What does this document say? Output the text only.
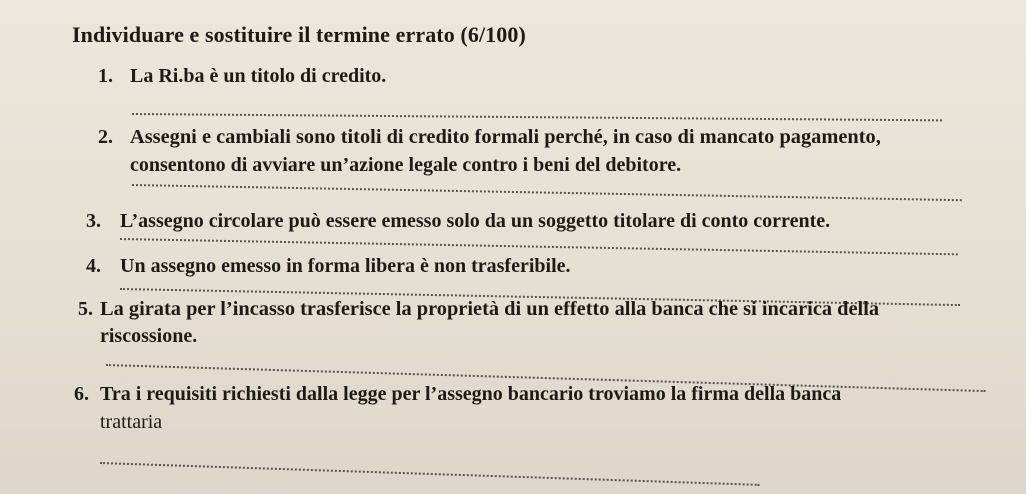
Individuare e sostituire il termine errato (6/100)
1. La Ri.ba è un titolo di credito.
2. Assegni e cambiali sono titoli di credito formali perché, in caso di mancato pagamento,
consentono di avviare un’azione legale contro i beni del debitore.
3. L’assegno circolare può essere emesso solo da un soggetto titolare di conto corrente.
4. Un assegno emesso in forma libera è non trasferibile.
5. La girata per l’incasso trasferisce la proprietà di un effetto alla banca che si incarica della
riscossione.
6. Tra i requisiti richiesti dalla legge per l’assegno bancario troviamo la firma della banca
trattaria
